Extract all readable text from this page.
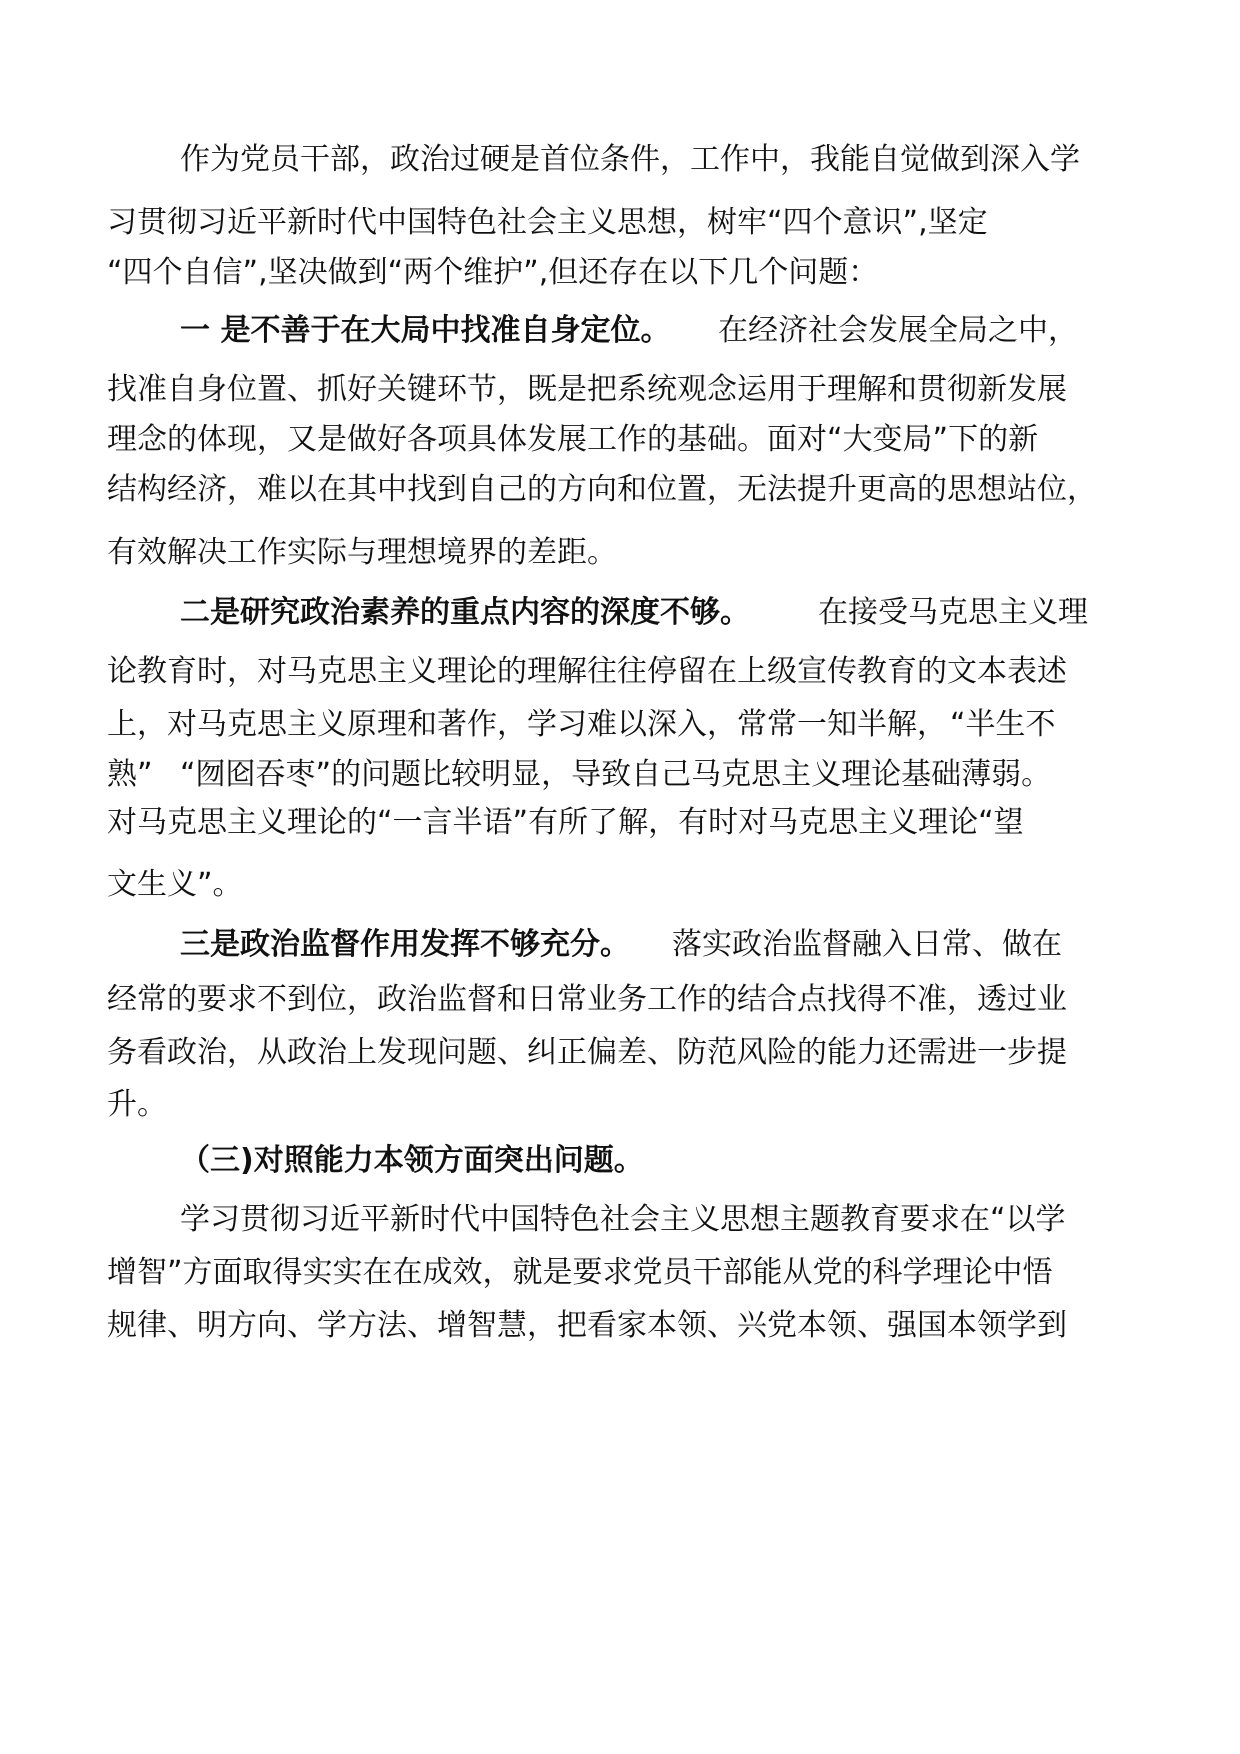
作为党员干部，政治过硬是首位条件，工作中，我能自觉做到深入学
习贯彻习近平新时代中国特色社会主义思想，树牢“四个意识”,坚定
“四个自信”,坚决做到“两个维护”,但还存在以下几个问题：
一 是不善于在大局中找准自身定位。 在经济社会发展全局之中，
找准自身位置、抓好关键环节，既是把系统观念运用于理解和贯彻新发展
理念的体现，又是做好各项具体发展工作的基础。面对“大变局”下的新
结构经济，难以在其中找到自己的方向和位置，无法提升更高的思想站位，
有效解决工作实际与理想境界的差距。
二是研究政治素养的重点内容的深度不够。 在接受马克思主义理
论教育时，对马克思主义理论的理解往往停留在上级宣传教育的文本表述
上，对马克思主义原理和著作，学习难以深入，常常一知半解， “半生不
熟” “囫囵吞枣”的问题比较明显，导致自己马克思主义理论基础薄弱。
对马克思主义理论的“一言半语”有所了解，有时对马克思主义理论“望
文生义”。
三是政治监督作用发挥不够充分。 落实政治监督融入日常、做在
经常的要求不到位，政治监督和日常业务工作的结合点找得不准，透过业
务看政治，从政治上发现问题、纠正偏差、防范风险的能力还需进一步提
升。
（三)对照能力本领方面突出问题。
学习贯彻习近平新时代中国特色社会主义思想主题教育要求在“以学
增智”方面取得实实在在成效，就是要求党员干部能从党的科学理论中悟
规律、明方向、学方法、增智慧，把看家本领、兴党本领、强国本领学到
